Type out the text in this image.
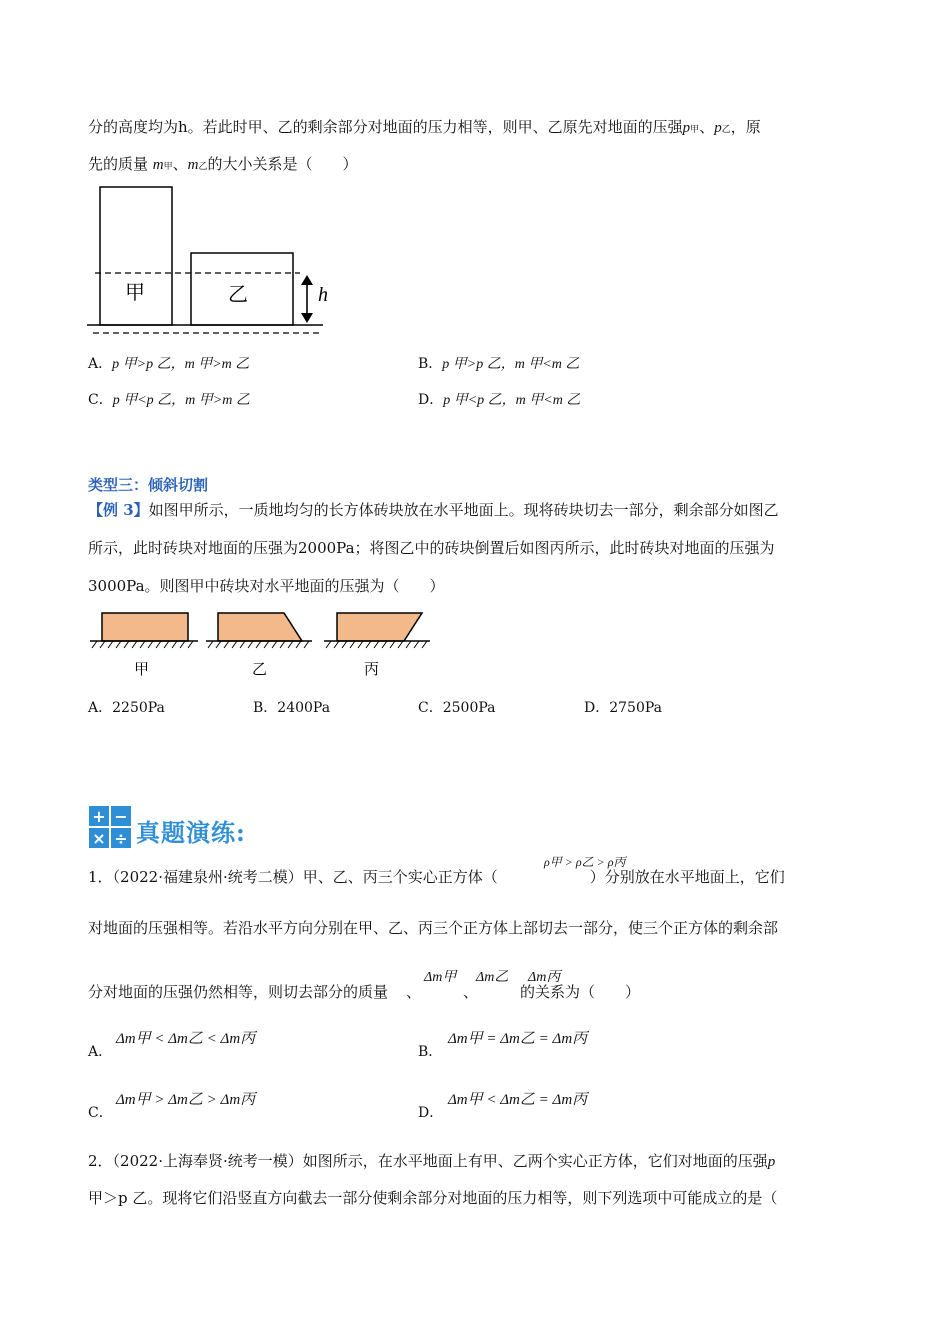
分的高度均为h。若此时甲、乙的剩余部分对地面的压力相等，则甲、乙原先对地面的压强p甲、p乙，原
先的质量 m甲、m乙的大小关系是（　　）
甲	乙	h
A．p 甲>p 乙，m 甲>m 乙	B．p 甲>p 乙，m 甲<m 乙
C．p 甲<p 乙，m 甲>m 乙	D．p 甲<p 乙，m 甲<m 乙
类型三：倾斜切割
【例 3】如图甲所示，一质地均匀的长方体砖块放在水平地面上。现将砖块切去一部分，剩余部分如图乙
所示，此时砖块对地面的压强为2000Pa；将图乙中的砖块倒置后如图丙所示，此时砖块对地面的压强为
3000Pa。则图甲中砖块对水平地面的压强为（　　）
甲	乙	丙
A．2250Pa	B．2400Pa	C．2500Pa	D．2750Pa
+ −
× ÷ 真题演练:
1．（2022·福建泉州·统考二模）甲、乙、丙三个实心正方体（	）分别放在水平地面上，它们
ρ甲 > ρ乙 > ρ丙
对地面的压强相等。若沿水平方向分别在甲、乙、丙三个正方体上部切去一部分，使三个正方体的剩余部
分对地面的压强仍然相等，则切去部分的质量 、	、	的关系为（　　）
Δm甲 Δm乙 Δm丙
A．
Δm甲 < Δm乙 < Δm丙
B．
Δm甲 = Δm乙 = Δm丙
C．
Δm甲 > Δm乙 > Δm丙
D．
Δm甲 < Δm乙 = Δm丙
2．（2022·上海奉贤·统考一模）如图所示，在水平地面上有甲、乙两个实心正方体，它们对地面的压强p
甲＞p 乙。现将它们沿竖直方向截去一部分使剩余部分对地面的压力相等，则下列选项中可能成立的是（
